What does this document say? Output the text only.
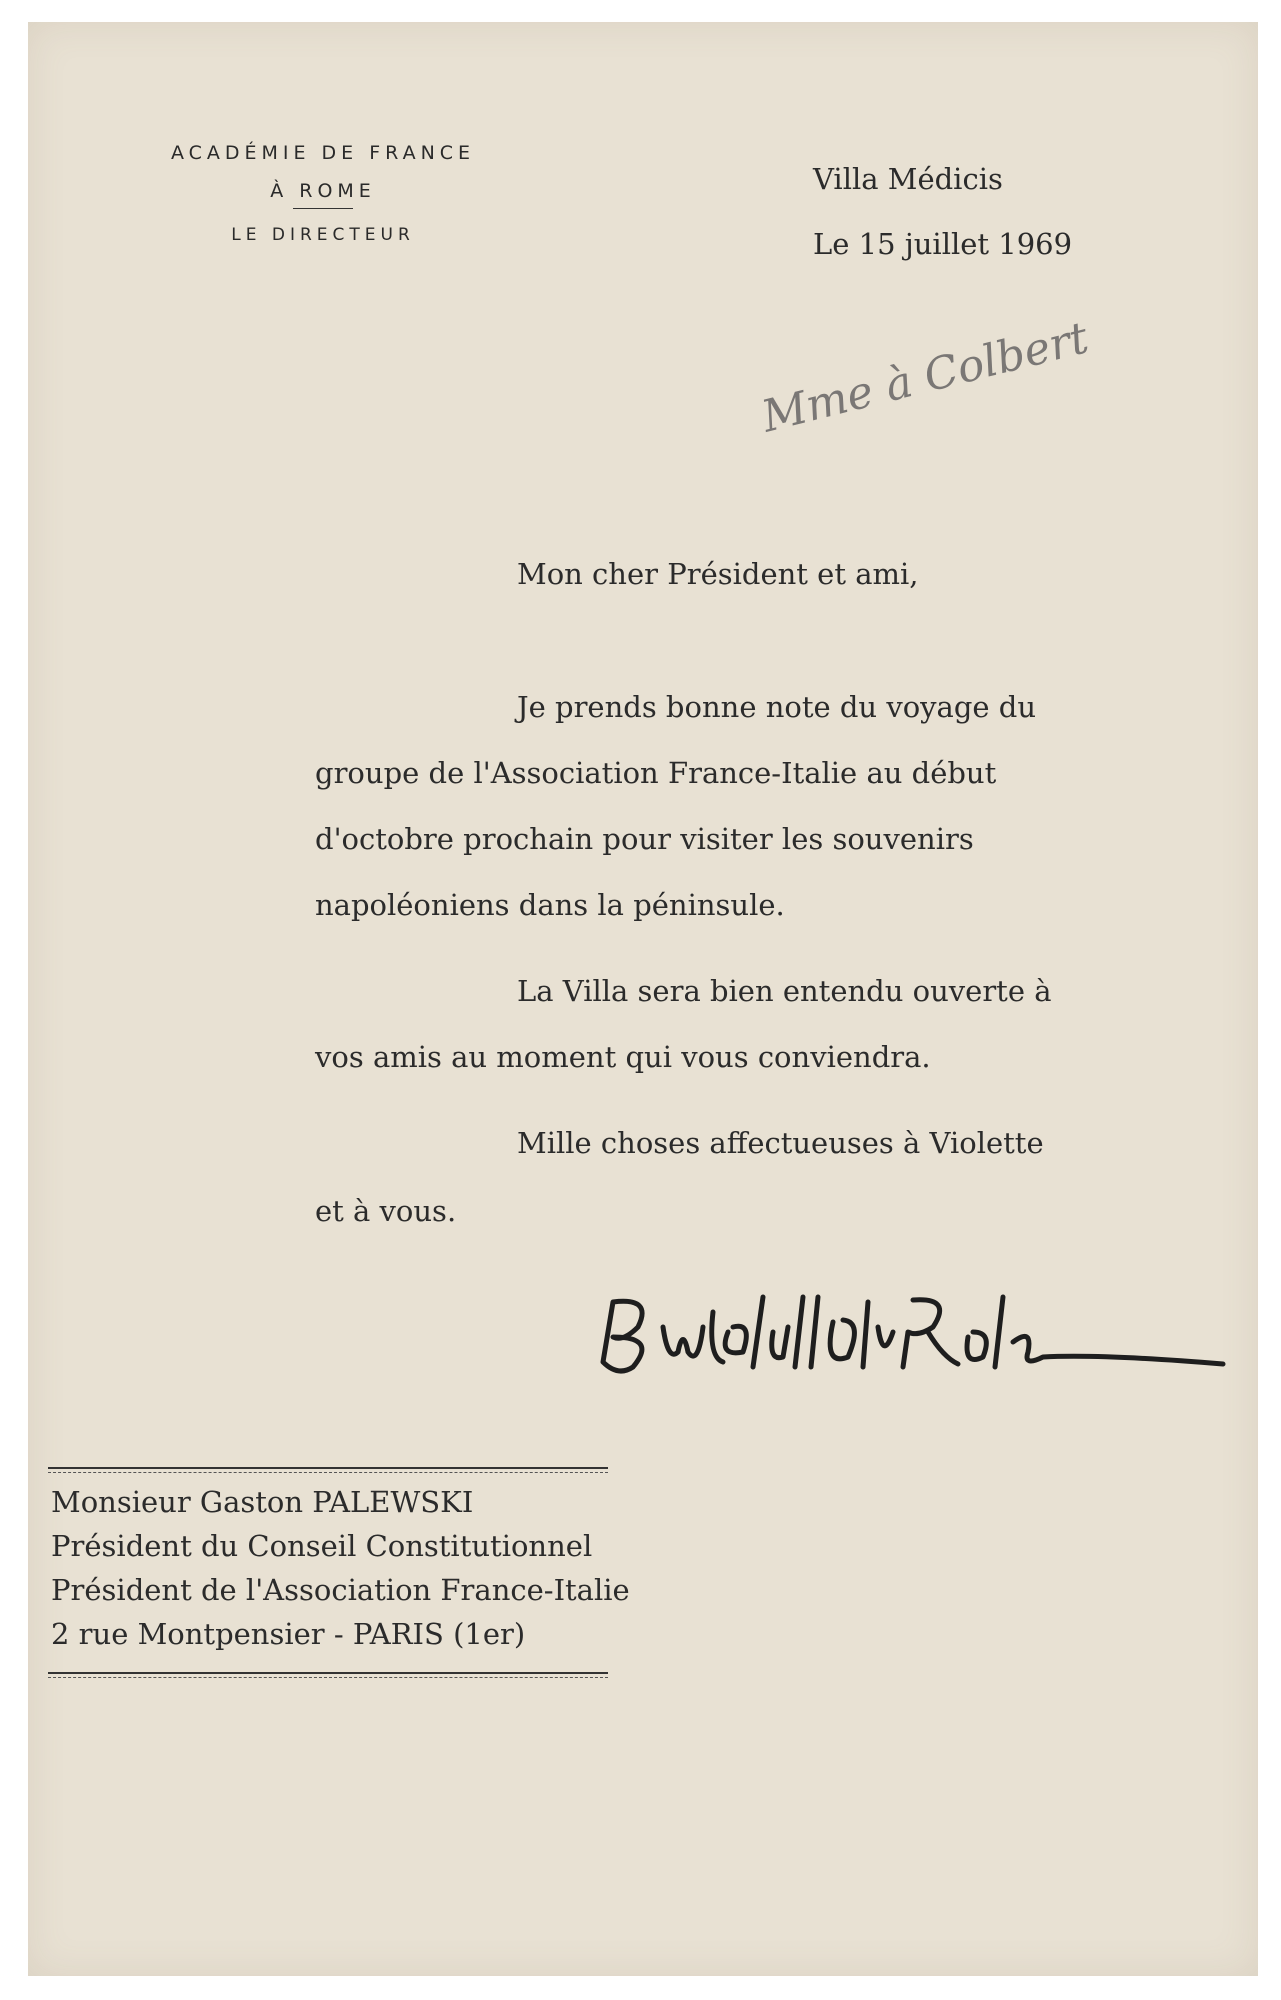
ACADÉMIE DE FRANCE
À ROME
LE DIRECTEUR
Villa Médicis
Le 15 juillet 1969
Mme à Colbert
Mon cher Président et ami,
Je prends bonne note du voyage du
groupe de l'Association France-Italie au début
d'octobre prochain pour visiter les souvenirs
napoléoniens dans la péninsule.
La Villa sera bien entendu ouverte à
vos amis au moment qui vous conviendra.
Mille choses affectueuses à Violette
et à vous.
Monsieur Gaston PALEWSKI
Président du Conseil Constitutionnel
Président de l'Association France-Italie
2 rue Montpensier - PARIS (1er)
